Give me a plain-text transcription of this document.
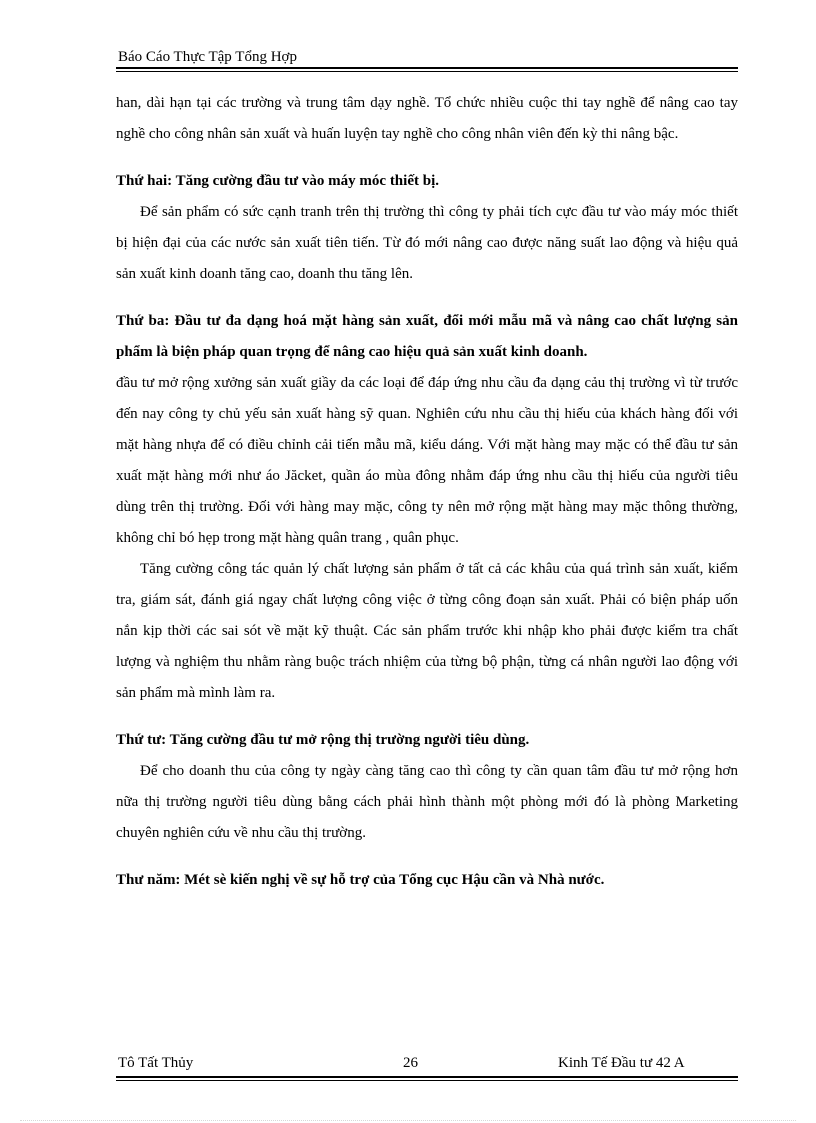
Báo Cáo Thực Tập Tổng Hợp

han, dài hạn tại các trường và trung tâm dạy nghề. Tổ chức nhiều cuộc thi tay nghề để nâng cao tay nghề cho công nhân sản xuất và huấn luyện tay nghề cho công nhân viên đến kỳ thi nâng bậc.

Thứ hai: Tăng cường đầu tư vào máy móc thiết bị.

Để sản phẩm có sức cạnh tranh trên thị trường thì công ty phải tích cực đầu tư vào máy móc thiết bị hiện đại của các nước sản xuất tiên tiến. Từ đó mới nâng cao được năng suất lao động và hiệu quả sản xuất kinh doanh tăng cao, doanh thu tăng lên.

Thứ ba: Đầu tư đa dạng hoá mặt hàng sản xuất, đổi mới mẫu mã và nâng cao chất lượng sản phẩm là biện pháp quan trọng để nâng cao hiệu quả sản xuất kinh doanh.

đầu tư mở rộng xưởng sản xuất giầy da các loại để đáp ứng nhu cầu đa dạng cảu thị trường vì từ trước đến nay công ty chủ yếu sản xuất hàng sỹ quan. Nghiên cứu nhu cầu thị hiếu của khách hàng đối với mặt hàng nhựa để có điều chỉnh cải tiến mẫu mã, kiểu dáng. Với mặt hàng may mặc có thể đầu tư sản xuất mặt hàng mới như áo Jăcket, quần áo mùa đông nhằm đáp ứng nhu cầu thị hiếu của người tiêu dùng trên thị trường. Đối với hàng may mặc, công ty nên mở rộng mặt hàng may mặc thông thường, không chỉ bó hẹp trong mặt hàng quân trang , quân phục.

Tăng cường công tác quản lý chất lượng sản phẩm ở tất cả các khâu của quá trình sản xuất, kiểm tra, giám sát, đánh giá ngay chất lượng công việc ở từng công đoạn sản xuất. Phải có biện pháp uốn nắn kịp thời các sai sót về mặt kỹ thuật. Các sản phẩm trước khi nhập kho phải được kiểm tra chất lượng và nghiệm thu nhằm ràng buộc trách nhiệm của từng bộ phận, từng cá nhân người lao động với sản phẩm mà mình làm ra.

Thứ tư: Tăng cường đầu tư mở rộng thị trường người tiêu dùng.

Để cho doanh thu của công ty ngày càng tăng cao thì công ty cần quan tâm đầu tư mở rộng hơn nữa thị trường người tiêu dùng bằng cách phải hình thành một phòng mới đó là phòng Marketing chuyên nghiên cứu về nhu cầu thị trường.

Thư năm: Mét sè kiến nghị về sự hỗ trợ của Tổng cục Hậu cần và Nhà nước.

Tô Tất Thủy	26	Kinh Tế Đầu tư 42 A
